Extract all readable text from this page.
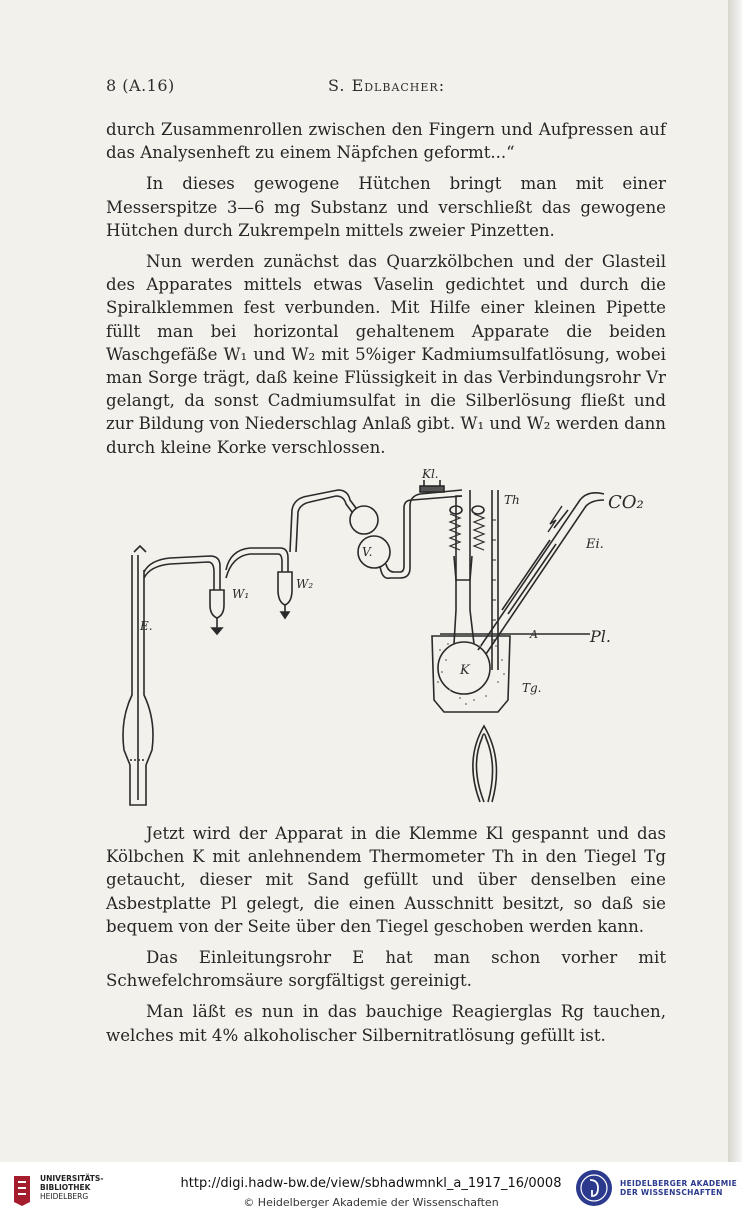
8 (A.16)	S. Edlbacher:

durch Zusammenrollen zwischen den Fingern und Aufpressen auf das Analysenheft zu einem Näpfchen geformt...“

In dieses gewogene Hütchen bringt man mit einer Messerspitze 3—6 mg Substanz und verschließt das gewogene Hütchen durch Zukrempeln mittels zweier Pinzetten.

Nun werden zunächst das Quarzkölbchen und der Glasteil des Apparates mittels etwas Vaselin gedichtet und durch die Spiralklemmen fest verbunden. Mit Hilfe einer kleinen Pipette füllt man bei horizontal gehaltenem Apparate die beiden Waschgefäße W₁ und W₂ mit 5%iger Kadmiumsulfatlösung, wobei man Sorge trägt, daß keine Flüssigkeit in das Verbindungsrohr Vr gelangt, da sonst Cadmiumsulfat in die Silberlösung fließt und zur Bildung von Niederschlag Anlaß gibt. W₁ und W₂ werden dann durch kleine Korke verschlossen.

Kl.
Th	CO₂
Ei.
V.
W₁
W₂
E.
A	Pl.
K
Tg.

Jetzt wird der Apparat in die Klemme Kl gespannt und das Kölbchen K mit anlehnendem Thermometer Th in den Tiegel Tg getaucht, dieser mit Sand gefüllt und über denselben eine Asbestplatte Pl gelegt, die einen Ausschnitt besitzt, so daß sie bequem von der Seite über den Tiegel geschoben werden kann.

Das Einleitungsrohr E hat man schon vorher mit Schwefelchromsäure sorgfältigst gereinigt.

Man läßt es nun in das bauchige Reagierglas Rg tauchen, welches mit 4% alkoholischer Silbernitratlösung gefüllt ist.

UNIVERSITÄTS-
BIBLIOTHEK
HEIDELBERG
http://digi.hadw-bw.de/view/sbhadwmnkl_a_1917_16/0008
© Heidelberger Akademie der Wissenschaften
HEIDELBERGER AKADEMIE
DER WISSENSCHAFTEN
